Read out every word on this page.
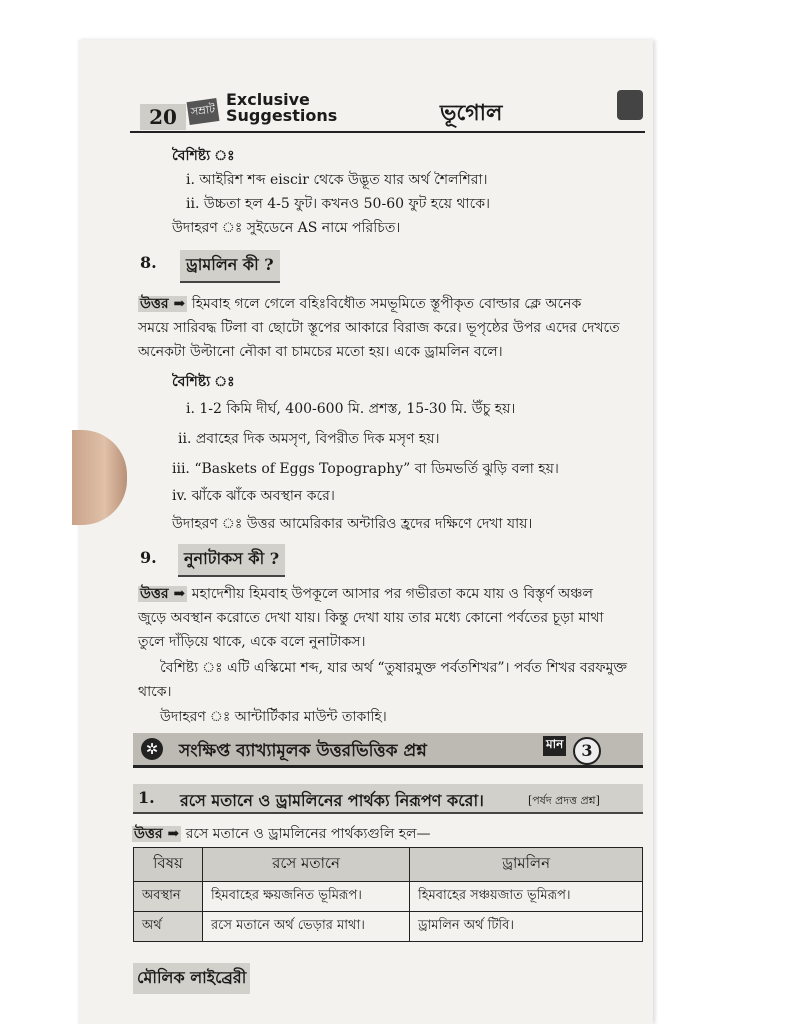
20	সম্রাট
Exclusive
Suggestions	ভূগোল
বৈশিষ্ট্য ঃ
i. আইরিশ শব্দ eiscir থেকে উদ্ভূত যার অর্থ শৈলশিরা।
ii. উচ্চতা হল 4-5 ফুট। কখনও 50-60 ফুট হয়ে থাকে।
উদাহরণ ঃ সুইডেনে AS নামে পরিচিত।
8.	ড্রামলিন কী ?
উত্তর ➡ হিমবাহ গলে গেলে বহিঃবিধৌত সমভূমিতে স্তূপীকৃত বোল্ডার ক্লে অনেক
সময়ে সারিবদ্ধ টিলা বা ছোটো স্তূপের আকারে বিরাজ করে। ভূপৃষ্ঠের উপর এদের দেখতে
অনেকটা উল্টানো নৌকা বা চামচের মতো হয়। একে ড্রামলিন বলে।
বৈশিষ্ট্য ঃ
i. 1-2 কিমি দীর্ঘ, 400-600 মি. প্রশস্ত, 15-30 মি. উঁচু হয়।
ii. প্রবাহের দিক অমসৃণ, বিপরীত দিক মসৃণ হয়।
iii. “Baskets of Eggs Topography” বা ডিমভর্তি ঝুড়ি বলা হয়।
iv. ঝাঁকে ঝাঁকে অবস্থান করে।
উদাহরণ ঃ উত্তর আমেরিকার অন্টারিও হ্রদের দক্ষিণে দেখা যায়।
9.	নুনাটাকস কী ?
উত্তর ➡ মহাদেশীয় হিমবাহ উপকূলে আসার পর গভীরতা কমে যায় ও বিস্তৃর্ণ অঞ্চল
জুড়ে অবস্থান করোতে দেখা যায়। কিন্তু দেখা যায় তার মধ্যে কোনো পর্বতের চূড়া মাথা
তুলে দাঁড়িয়ে থাকে, একে বলে নুনাটাকস।
বৈশিষ্ট্য ঃ এটি এস্কিমো শব্দ, যার অর্থ “তুষারমুক্ত পর্বতশিখর”। পর্বত শিখর বরফমুক্ত
থাকে।
উদাহরণ ঃ আন্টার্টিকার মাউন্ট তাকাহি।
✲ সংক্ষিপ্ত ব্যাখ্যামূলক উত্তরভিত্তিক প্রশ্ন	মান	3
1. রসে মতানে ও ড্রামলিনের পার্থক্য নিরূপণ করো।	[পর্ষদ প্রদত্ত প্রশ্ন]
উত্তর ➡ রসে মতানে ও ড্রামলিনের পার্থক্যগুলি হল—
বিষয়	রসে মতানে	ড্রামলিন
অবস্থান	হিমবাহের ক্ষয়জনিত ভূমিরূপ।	হিমবাহের সঞ্চয়জাত ভূমিরূপ।
অর্থ	রসে মতানে অর্থ ভেড়ার মাথা।	ড্রামলিন অর্থ টিবি।
মৌলিক লাইব্রেরী
